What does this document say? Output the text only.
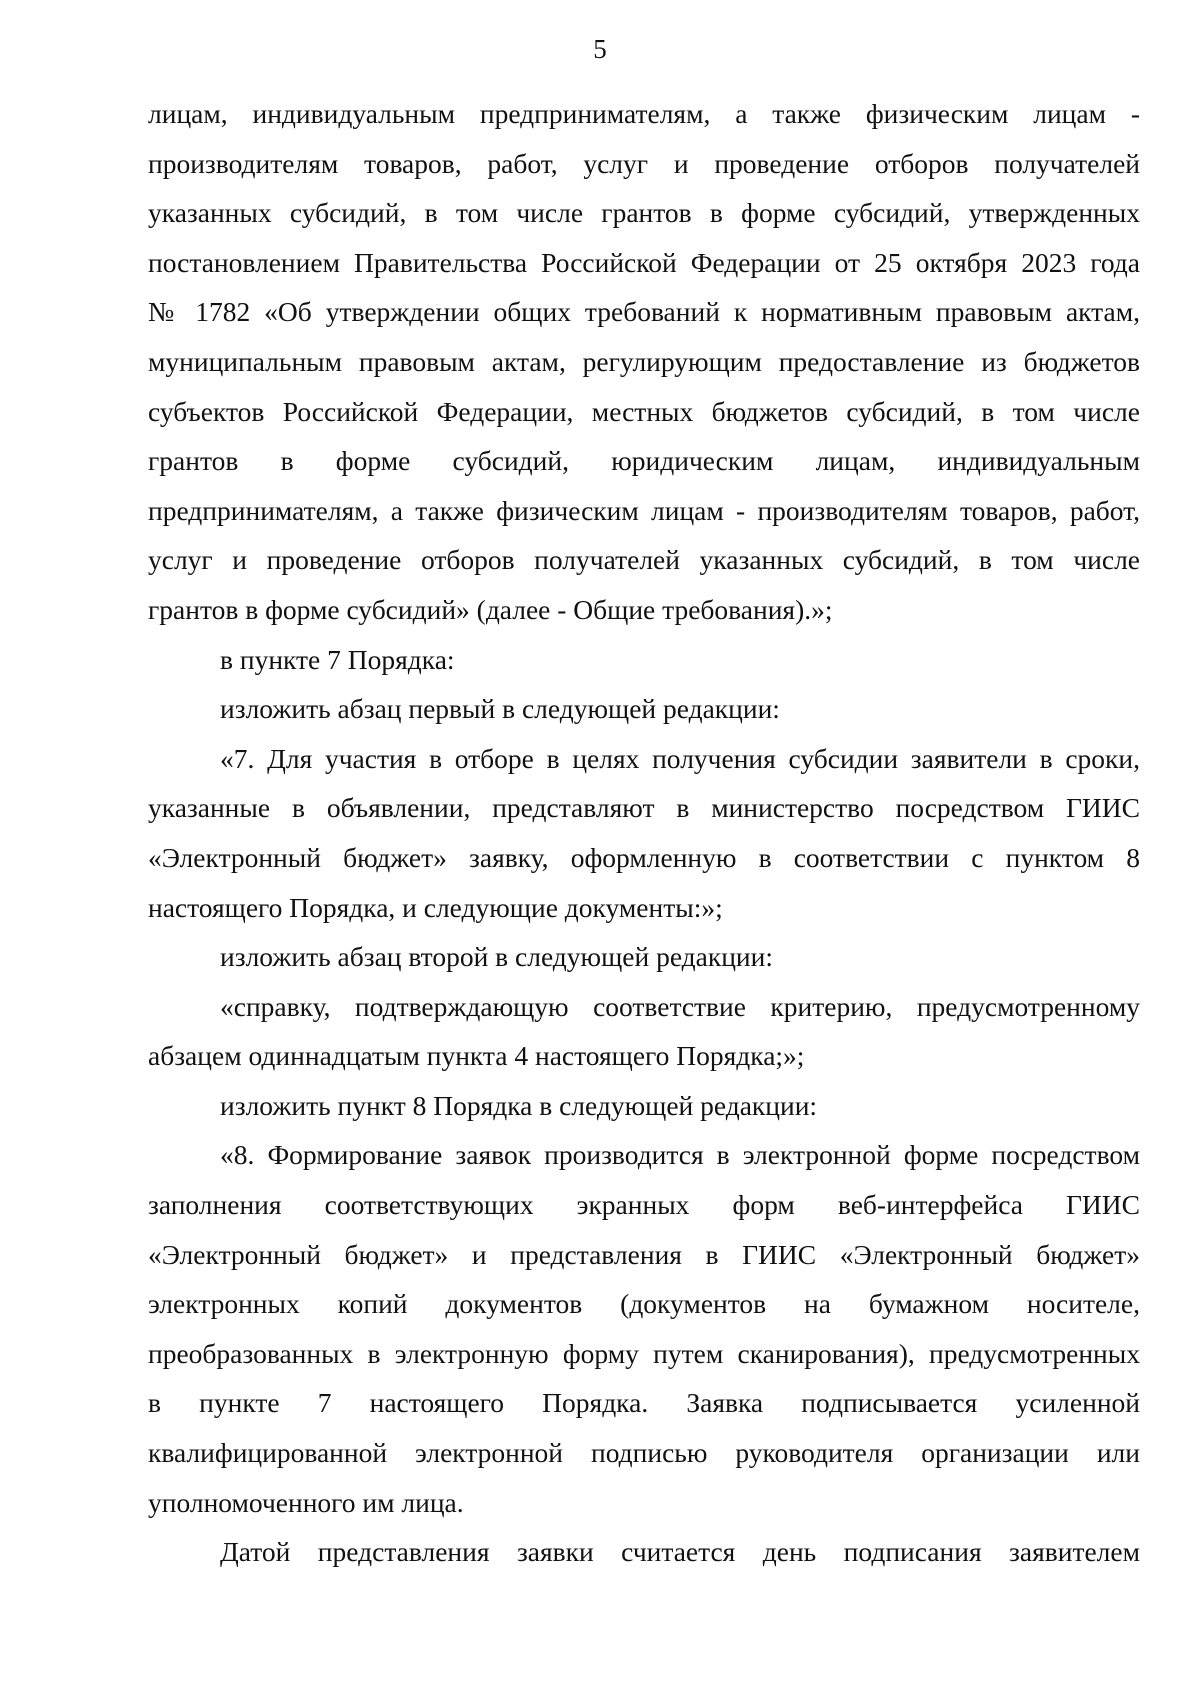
5
лицам, индивидуальным предпринимателям, а также физическим лицам -
производителям товаров, работ, услуг и проведение отборов получателей
указанных субсидий, в том числе грантов в форме субсидий, утвержденных
постановлением Правительства Российской Федерации от 25 октября 2023 года
№ 1782 «Об утверждении общих требований к нормативным правовым актам,
муниципальным правовым актам, регулирующим предоставление из бюджетов
субъектов Российской Федерации, местных бюджетов субсидий, в том числе
грантов в форме субсидий, юридическим лицам, индивидуальным
предпринимателям, а также физическим лицам - производителям товаров, работ,
услуг и проведение отборов получателей указанных субсидий, в том числе
грантов в форме субсидий» (далее - Общие требования).»;
в пункте 7 Порядка:
изложить абзац первый в следующей редакции:
«7. Для участия в отборе в целях получения субсидии заявители в сроки,
указанные в объявлении, представляют в министерство посредством ГИИС
«Электронный бюджет» заявку, оформленную в соответствии с пунктом 8
настоящего Порядка, и следующие документы:»;
изложить абзац второй в следующей редакции:
«справку, подтверждающую соответствие критерию, предусмотренному
абзацем одиннадцатым пункта 4 настоящего Порядка;»;
изложить пункт 8 Порядка в следующей редакции:
«8. Формирование заявок производится в электронной форме посредством
заполнения соответствующих экранных форм веб-интерфейса ГИИС
«Электронный бюджет» и представления в ГИИС «Электронный бюджет»
электронных копий документов (документов на бумажном носителе,
преобразованных в электронную форму путем сканирования), предусмотренных
в пункте 7 настоящего Порядка. Заявка подписывается усиленной
квалифицированной электронной подписью руководителя организации или
уполномоченного им лица.
Датой представления заявки считается день подписания заявителем
